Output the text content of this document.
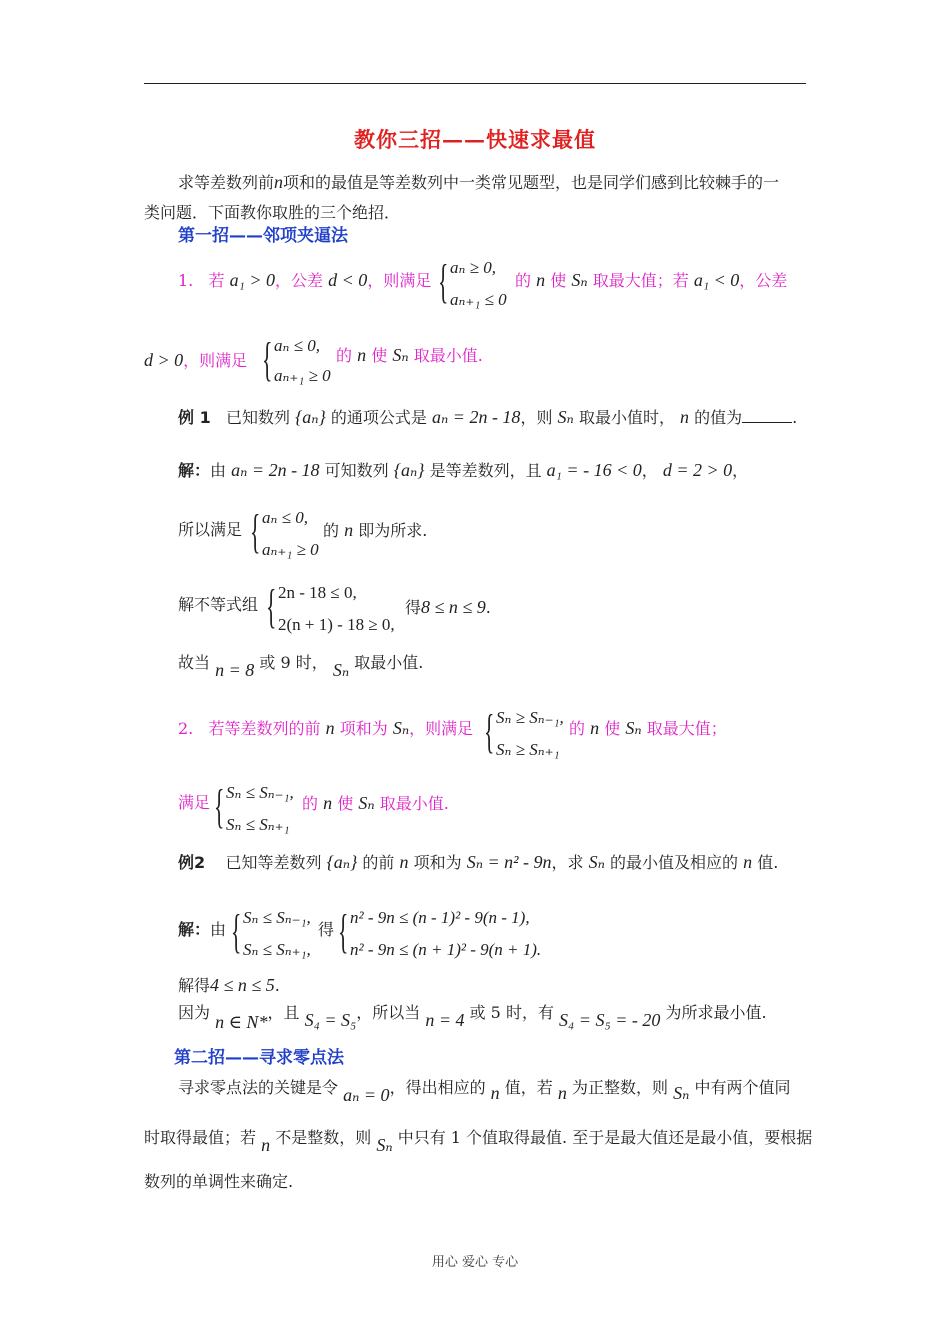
教你三招——快速求最值
求等差数列前n项和的最值是等差数列中一类常见题型，也是同学们感到比较棘手的一
类问题．下面教你取胜的三个绝招．
第一招——邻项夹逼法
1. 若 a₁ > 0，公差 d < 0，则满足 { aₙ ≥ 0,
aₙ₊₁ ≤ 0
的 n 使 Sₙ 取最大值；若 a₁ < 0，公差
d > 0，则满足 { aₙ ≤ 0,
aₙ₊₁ ≥ 0
的 n 使 Sₙ 取最小值.
例 1 已知数列 {aₙ} 的通项公式是 aₙ = 2n - 18，则 Sₙ 取最小值时， n 的值为	.
解：由 aₙ = 2n - 18 可知数列 {aₙ} 是等差数列，且 a₁ = - 16 < 0， d = 2 > 0，
所以满足 { aₙ ≤ 0,
aₙ₊₁ ≥ 0
的 n 即为所求.
解不等式组 { 2n - 18 ≤ 0,
2(n + 1) - 18 ≥ 0,
得8 ≤ n ≤ 9.
故当 n = 8 或 9 时， Sₙ 取最小值.
2. 若等差数列的前 n 项和为 Sₙ，则满足 { Sₙ ≥ Sₙ₋₁,
Sₙ ≥ Sₙ₊₁
的 n 使 Sₙ 取最大值；
满足 { Sₙ ≤ Sₙ₋₁,
Sₙ ≤ Sₙ₊₁
的 n 使 Sₙ 取最小值.
例2 已知等差数列 {aₙ} 的前 n 项和为 Sₙ = n² - 9n，求 Sₙ 的最小值及相应的 n 值.
解：由 { Sₙ ≤ Sₙ₋₁,
Sₙ ≤ Sₙ₊₁,
得 { n² - 9n ≤ (n - 1)² - 9(n - 1),
n² - 9n ≤ (n + 1)² - 9(n + 1).
解得4 ≤ n ≤ 5.
因为 n ∈ N*，且 S₄ = S₅，所以当 n = 4 或 5 时，有 S₄ = S₅ = - 20 为所求最小值.
第二招——寻求零点法
寻求零点法的关键是令 aₙ = 0，得出相应的 n 值，若 n 为正整数，则 Sₙ 中有两个值同
时取得最值；若 n 不是整数，则 Sₙ 中只有 1 个值取得最值. 至于是最大值还是最小值，要根据
数列的单调性来确定.
用心 爱心 专心
